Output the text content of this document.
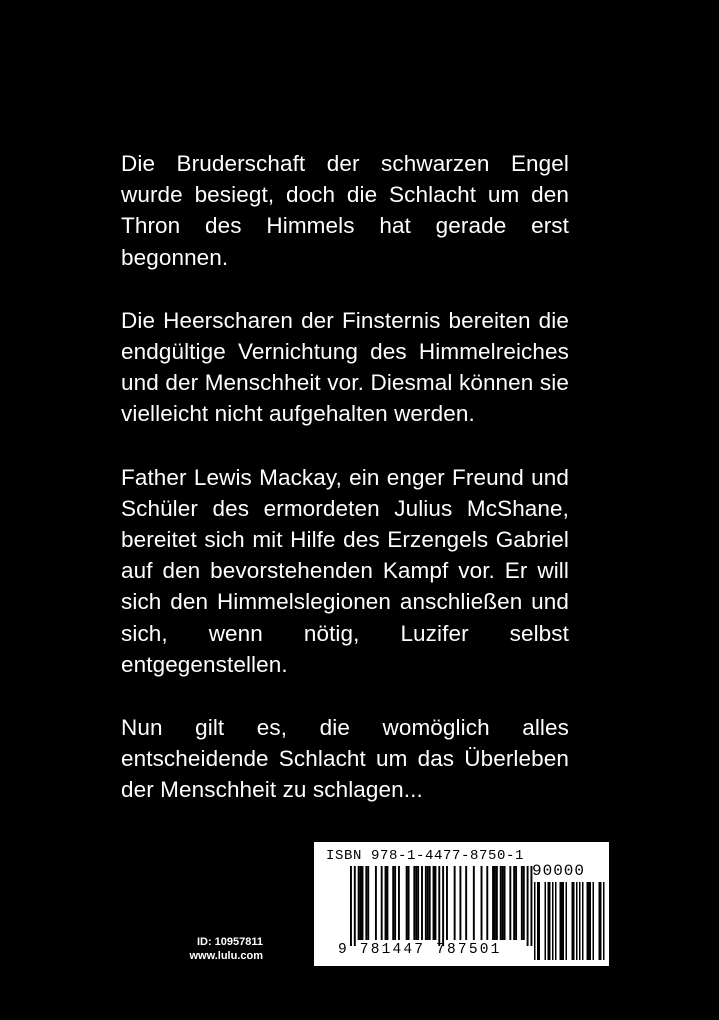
Die Bruderschaft der schwarzen Engel wurde besiegt, doch die Schlacht um den Thron des Himmels hat gerade erst begonnen.

Die Heerscharen der Finsternis bereiten die endgültige Vernichtung des Himmelreiches und der Menschheit vor. Diesmal können sie vielleicht nicht aufgehalten werden.

Father Lewis Mackay, ein enger Freund und Schüler des ermordeten Julius McShane, bereitet sich mit Hilfe des Erzengels Gabriel auf den bevorstehenden Kampf vor. Er will sich den Himmelslegionen anschließen und sich, wenn nötig, Luzifer selbst entgegenstellen.

Nun gilt es, die womöglich alles entscheidende Schlacht um das Überleben der Menschheit zu schlagen...

ID: 10957811
www.lulu.com
ISBN 978-1-4477-8750-1
90000
9 781447 787501
